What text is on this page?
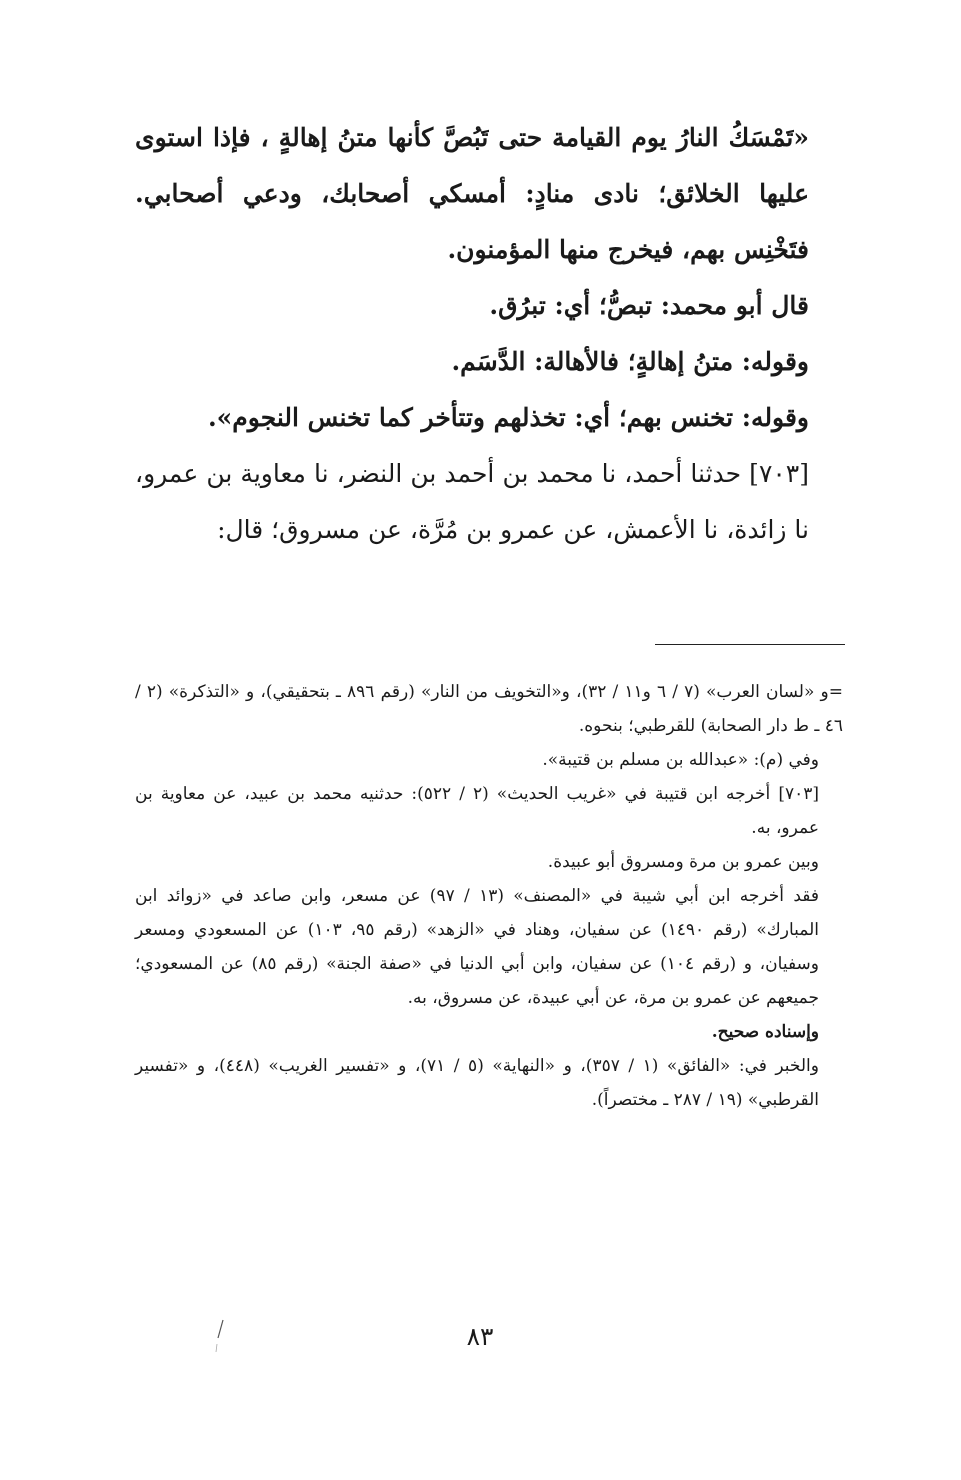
«تَمْسَكُ النارُ يوم القيامة حتى تَبُصَّ كأنها متنُ إهالةٍ ، فإذا استوى عليها الخلائق؛ نادى منادٍ: أمسكي أصحابك، ودعي أصحابي. فتَخْنِس بهم، فيخرج منها المؤمنون.

قال أبو محمد: تبصُّ؛ أي: تبرُق.

وقوله: متنُ إهالةٍ؛ فالأهالة: الدَّسَم.

وقوله: تخنس بهم؛ أي: تخذلهم وتتأخر كما تخنس النجوم».

[٧٠٣] حدثنا أحمد، نا محمد بن أحمد بن النضر، نا معاوية بن عمرو، نا زائدة، نا الأعمش، عن عمرو بن مُرَّة، عن مسروق؛ قال:

=و «لسان العرب» (٧ / ٦ و١١ / ٣٢)، و«التخويف من النار» (رقم ٨٩٦ ـ بتحقيقي)، و «التذكرة» (٢ / ٤٦ ـ ط دار الصحابة) للقرطبي؛ بنحوه.

وفي (م): «عبدالله بن مسلم بن قتيبة».

[٧٠٣] أخرجه ابن قتيبة في «غريب الحديث» (٢ / ٥٢٢): حدثنيه محمد بن عبيد، عن معاوية بن عمرو، به.

وبين عمرو بن مرة ومسروق أبو عبيدة.

فقد أخرجه ابن أبي شيبة في «المصنف» (١٣ / ٩٧) عن مسعر، وابن صاعد في «زوائد ابن المبارك» (رقم ١٤٩٠) عن سفيان، وهناد في «الزهد» (رقم ٩٥، ١٠٣) عن المسعودي ومسعر وسفيان، و (رقم ١٠٤) عن سفيان، وابن أبي الدنيا في «صفة الجنة» (رقم ٨٥) عن المسعودي؛ جميعهم عن عمرو بن مرة، عن أبي عبيدة، عن مسروق، به.

وإسناده صحيح.

والخبر في: «الفائق» (١ / ٣٥٧)، و «النهاية» (٥ / ٧١)، و «تفسير الغريب» (٤٤٨)، و «تفسير القرطبي» (١٩ / ٢٨٧ ـ مختصراً).

٨٣
